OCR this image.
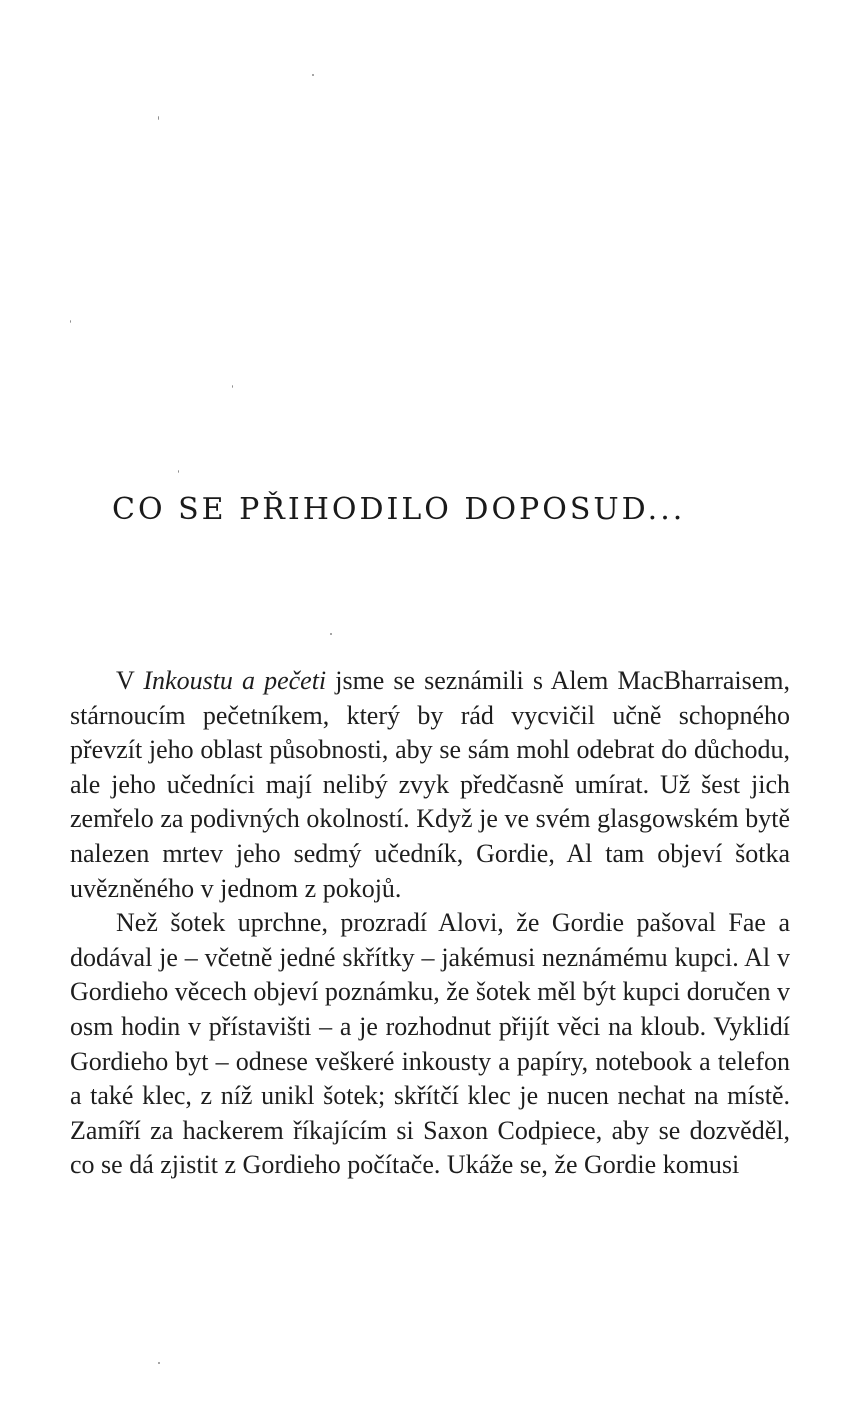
CO SE PŘIHODILO DOPOSUD...

V Inkoustu a pečeti jsme se seznámili s Alem MacBharraisem, stárnoucím pečetníkem, který by rád vycvičil učně schopného převzít jeho oblast působnosti, aby se sám mohl odebrat do důchodu, ale jeho učedníci mají nelibý zvyk předčasně umírat. Už šest jich zemřelo za podivných okolností. Když je ve svém glasgowském bytě nalezen mrtev jeho sedmý učedník, Gordie, Al tam objeví šotka uvězněného v jednom z pokojů.

Než šotek uprchne, prozradí Alovi, že Gordie pašoval Fae a dodával je – včetně jedné skřítky – jakémusi neznámému kupci. Al v Gordieho věcech objeví poznámku, že šotek měl být kupci doručen v osm hodin v přístavišti – a je rozhodnut přijít věci na kloub. Vyklidí Gordieho byt – odnese veškeré inkousty a papíry, notebook a telefon a také klec, z níž unikl šotek; skřítčí klec je nucen nechat na místě. Zamíří za hackerem říkajícím si Saxon Codpiece, aby se dozvěděl, co se dá zjistit z Gordieho počítače. Ukáže se, že Gordie komusi
